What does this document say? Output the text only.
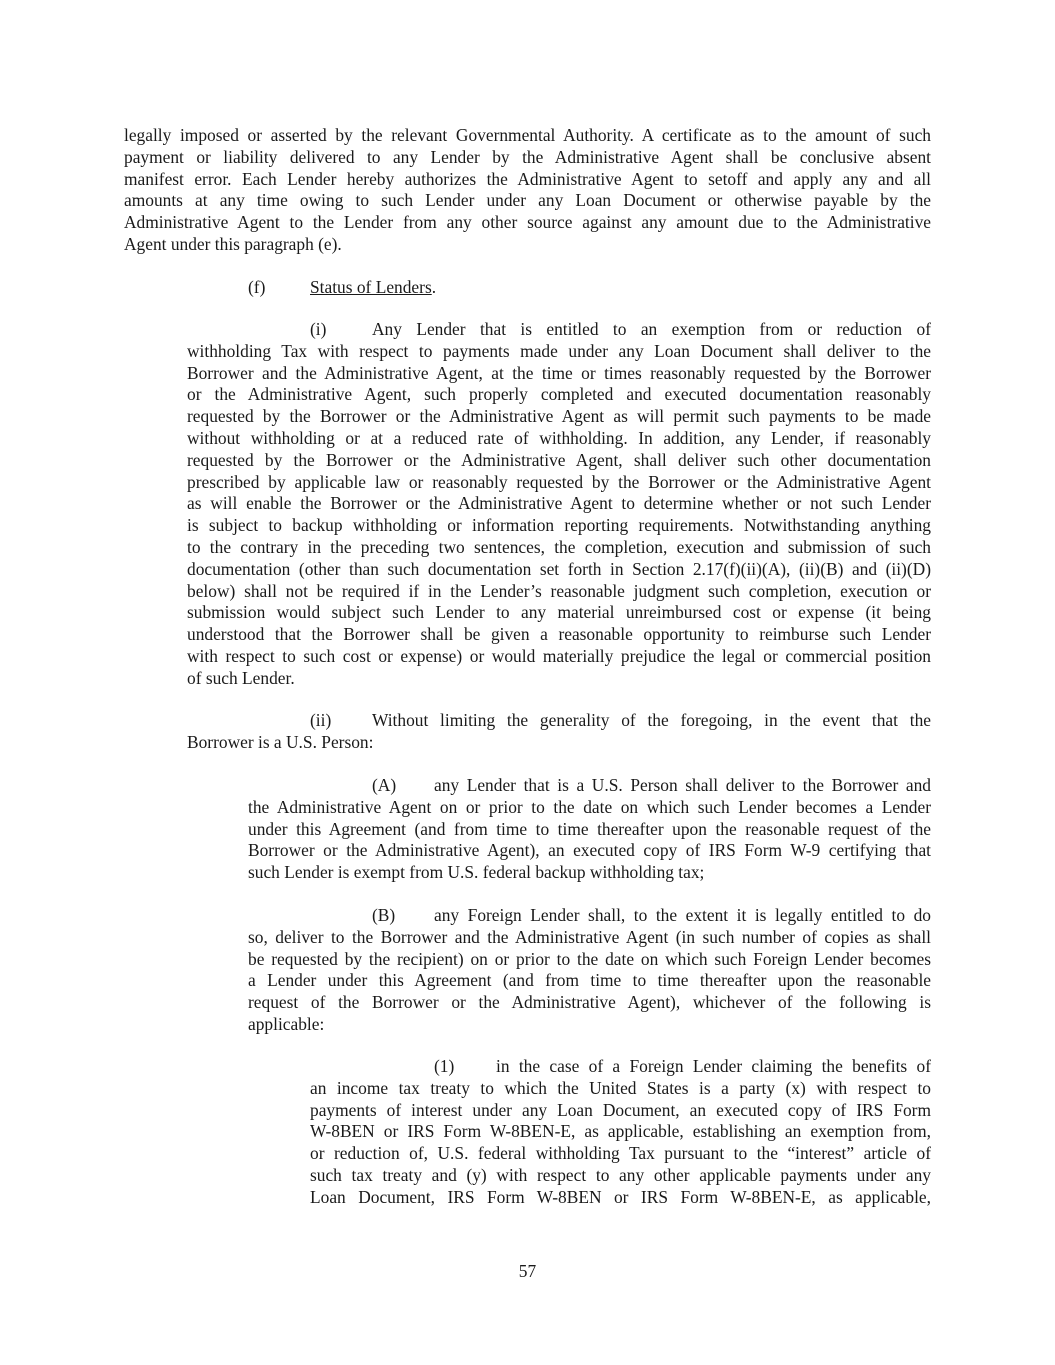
legally imposed or asserted by the relevant Governmental Authority. A certificate as to the amount of such
payment or liability delivered to any Lender by the Administrative Agent shall be conclusive absent
manifest error. Each Lender hereby authorizes the Administrative Agent to setoff and apply any and all
amounts at any time owing to such Lender under any Loan Document or otherwise payable by the
Administrative Agent to the Lender from any other source against any amount due to the Administrative
Agent under this paragraph (e).
(f)	Status of Lenders.
(i)	Any Lender that is entitled to an exemption from or reduction of
withholding Tax with respect to payments made under any Loan Document shall deliver to the
Borrower and the Administrative Agent, at the time or times reasonably requested by the Borrower
or the Administrative Agent, such properly completed and executed documentation reasonably
requested by the Borrower or the Administrative Agent as will permit such payments to be made
without withholding or at a reduced rate of withholding. In addition, any Lender, if reasonably
requested by the Borrower or the Administrative Agent, shall deliver such other documentation
prescribed by applicable law or reasonably requested by the Borrower or the Administrative Agent
as will enable the Borrower or the Administrative Agent to determine whether or not such Lender
is subject to backup withholding or information reporting requirements. Notwithstanding anything
to the contrary in the preceding two sentences, the completion, execution and submission of such
documentation (other than such documentation set forth in Section 2.17(f)(ii)(A), (ii)(B) and (ii)(D)
below) shall not be required if in the Lender’s reasonable judgment such completion, execution or
submission would subject such Lender to any material unreimbursed cost or expense (it being
understood that the Borrower shall be given a reasonable opportunity to reimburse such Lender
with respect to such cost or expense) or would materially prejudice the legal or commercial position
of such Lender.
(ii)	Without limiting the generality of the foregoing, in the event that the
Borrower is a U.S. Person:
(A)	any Lender that is a U.S. Person shall deliver to the Borrower and
the Administrative Agent on or prior to the date on which such Lender becomes a Lender
under this Agreement (and from time to time thereafter upon the reasonable request of the
Borrower or the Administrative Agent), an executed copy of IRS Form W-9 certifying that
such Lender is exempt from U.S. federal backup withholding tax;
(B)	any Foreign Lender shall, to the extent it is legally entitled to do
so, deliver to the Borrower and the Administrative Agent (in such number of copies as shall
be requested by the recipient) on or prior to the date on which such Foreign Lender becomes
a Lender under this Agreement (and from time to time thereafter upon the reasonable
request of the Borrower or the Administrative Agent), whichever of the following is
applicable:
(1)	in the case of a Foreign Lender claiming the benefits of
an income tax treaty to which the United States is a party (x) with respect to
payments of interest under any Loan Document, an executed copy of IRS Form
W-8BEN or IRS Form W-8BEN-E, as applicable, establishing an exemption from,
or reduction of, U.S. federal withholding Tax pursuant to the “interest” article of
such tax treaty and (y) with respect to any other applicable payments under any
Loan Document, IRS Form W-8BEN or IRS Form W-8BEN-E, as applicable,
57
